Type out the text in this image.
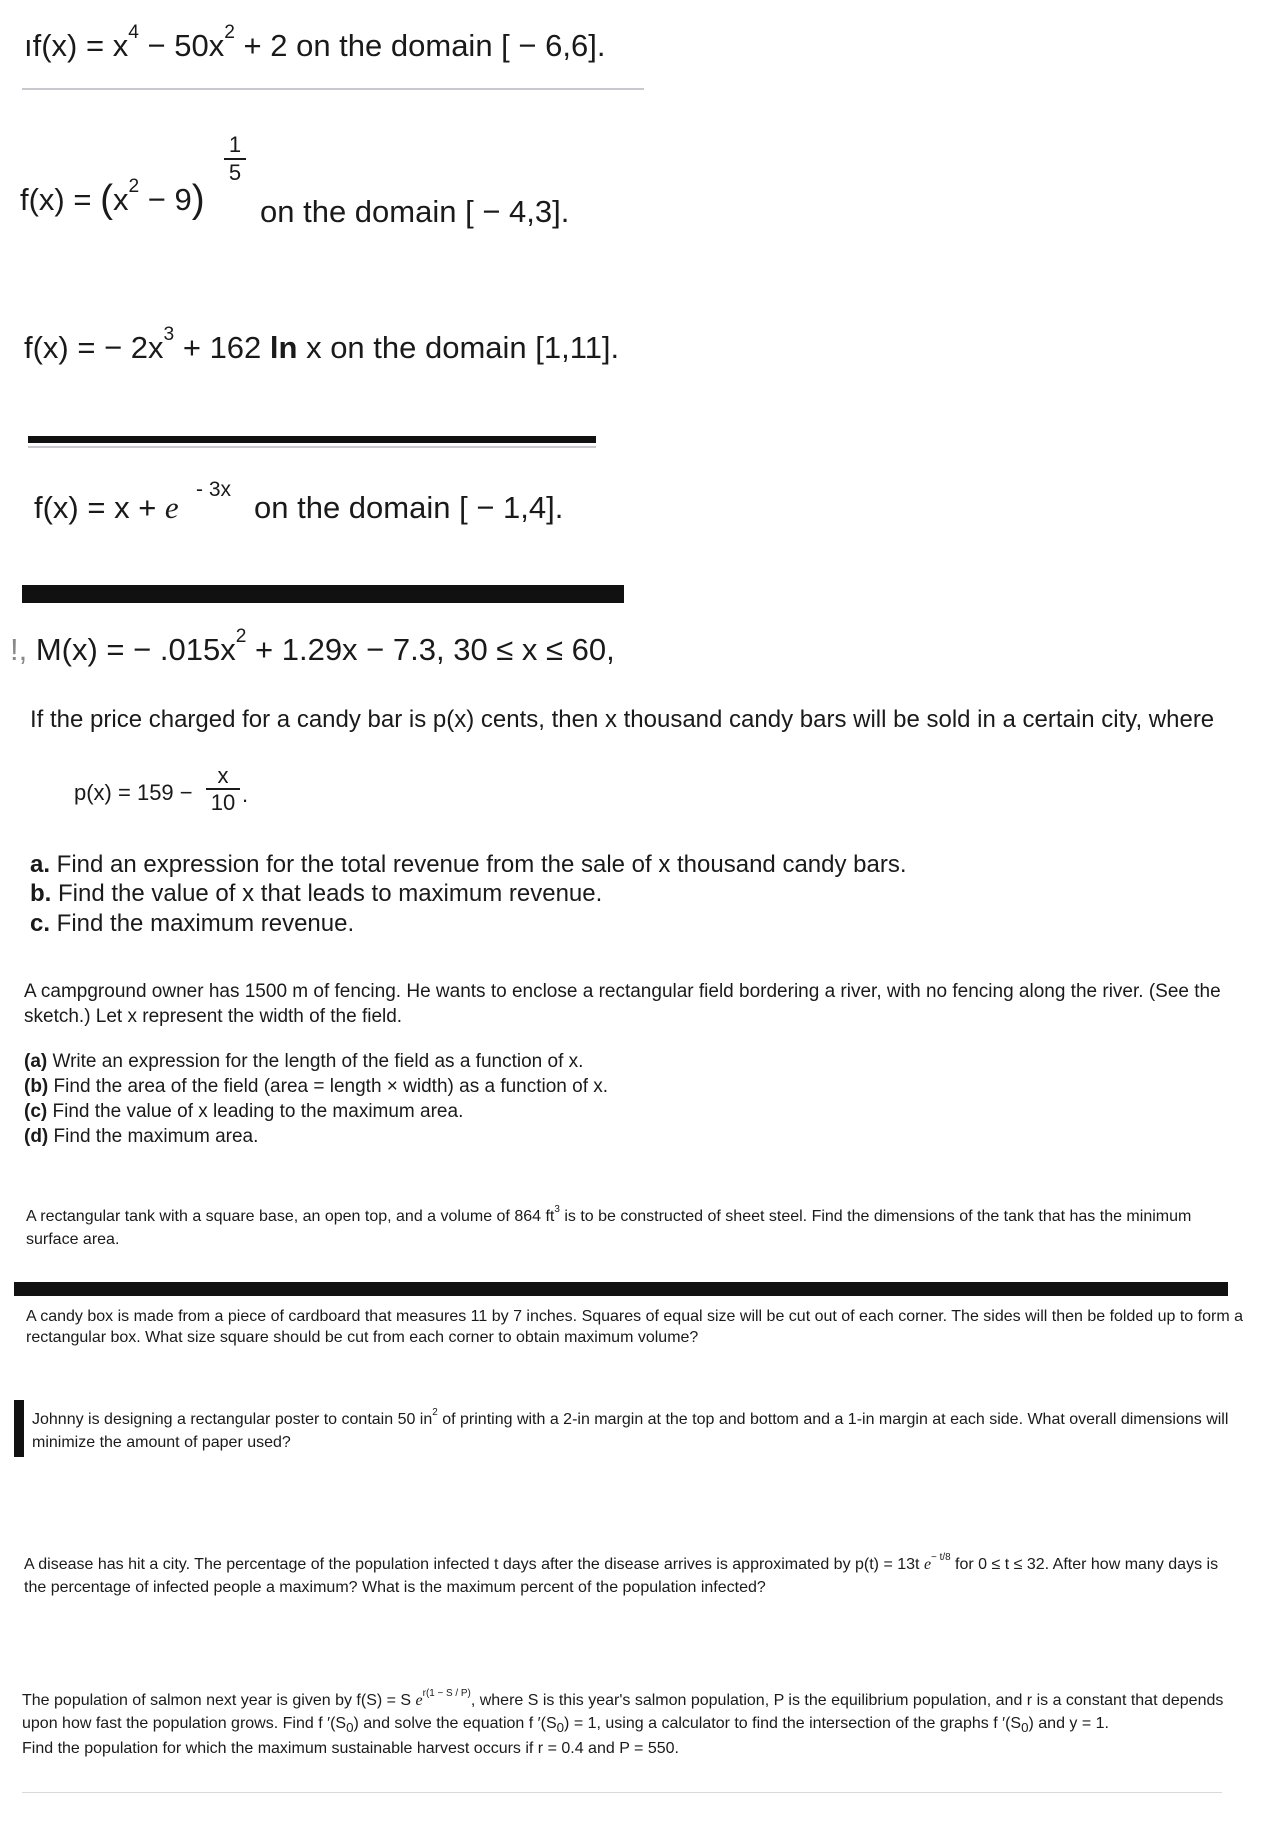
ıf(x) = $x^4 - 50x^2 + 2$ on the domain [ − 6,6].
$f(x) = (x^2 - 9)$
$\frac{1}{5}$
on the domain [ − 4,3].
f(x) = − $2x^3 + 162$ ln x on the domain [1,11].
f(x) = x + e
- 3x
on the domain [ − 1,4].
!, M(x) = − $.015x^2 + 1.29x - 7.3$, 30 ≤ x ≤ 60,
If the price charged for a candy bar is p(x) cents, then x thousand candy bars will be sold in a certain city, where
$p(x) = 159 - \frac{x}{10}$ .
a. Find an expression for the total revenue from the sale of x thousand candy bars.
b. Find the value of x that leads to maximum revenue.
c. Find the maximum revenue.
A campground owner has 1500 m of fencing. He wants to enclose a rectangular field bordering a river, with no fencing along the river. (See the sketch.) Let x represent the width of the field.
(a) Write an expression for the length of the field as a function of x.
(b) Find the area of the field (area = length × width) as a function of x.
(c) Find the value of x leading to the maximum area.
(d) Find the maximum area.
A rectangular tank with a square base, an open top, and a volume of 864 $ft^3$ is to be constructed of sheet steel. Find the dimensions of the tank that has the minimum surface area.
A candy box is made from a piece of cardboard that measures 11 by 7 inches. Squares of equal size will be cut out of each corner. The sides will then be folded up to form a rectangular box. What size square should be cut from each corner to obtain maximum volume?
Johnny is designing a rectangular poster to contain 50 $in^2$ of printing with a 2-in margin at the top and bottom and a 1-in margin at each side. What overall dimensions will minimize the amount of paper used?
A disease has hit a city. The percentage of the population infected t days after the disease arrives is approximated by p(t) = 13t $e^{- t/8}$ for 0 ≤ t ≤ 32. After how many days is the percentage of infected people a maximum? What is the maximum percent of the population infected?
The population of salmon next year is given by f(S) = S $e^{r(1 - S / P)}$, where S is this year's salmon population, P is the equilibrium population, and r is a constant that depends upon how fast the population grows. Find f $'(S_0)$ and solve the equation f $'(S_0) = 1$, using a calculator to find the intersection of the graphs f $'(S_0)$ and y = 1.
Find the population for which the maximum sustainable harvest occurs if r = 0.4 and P = 550.
